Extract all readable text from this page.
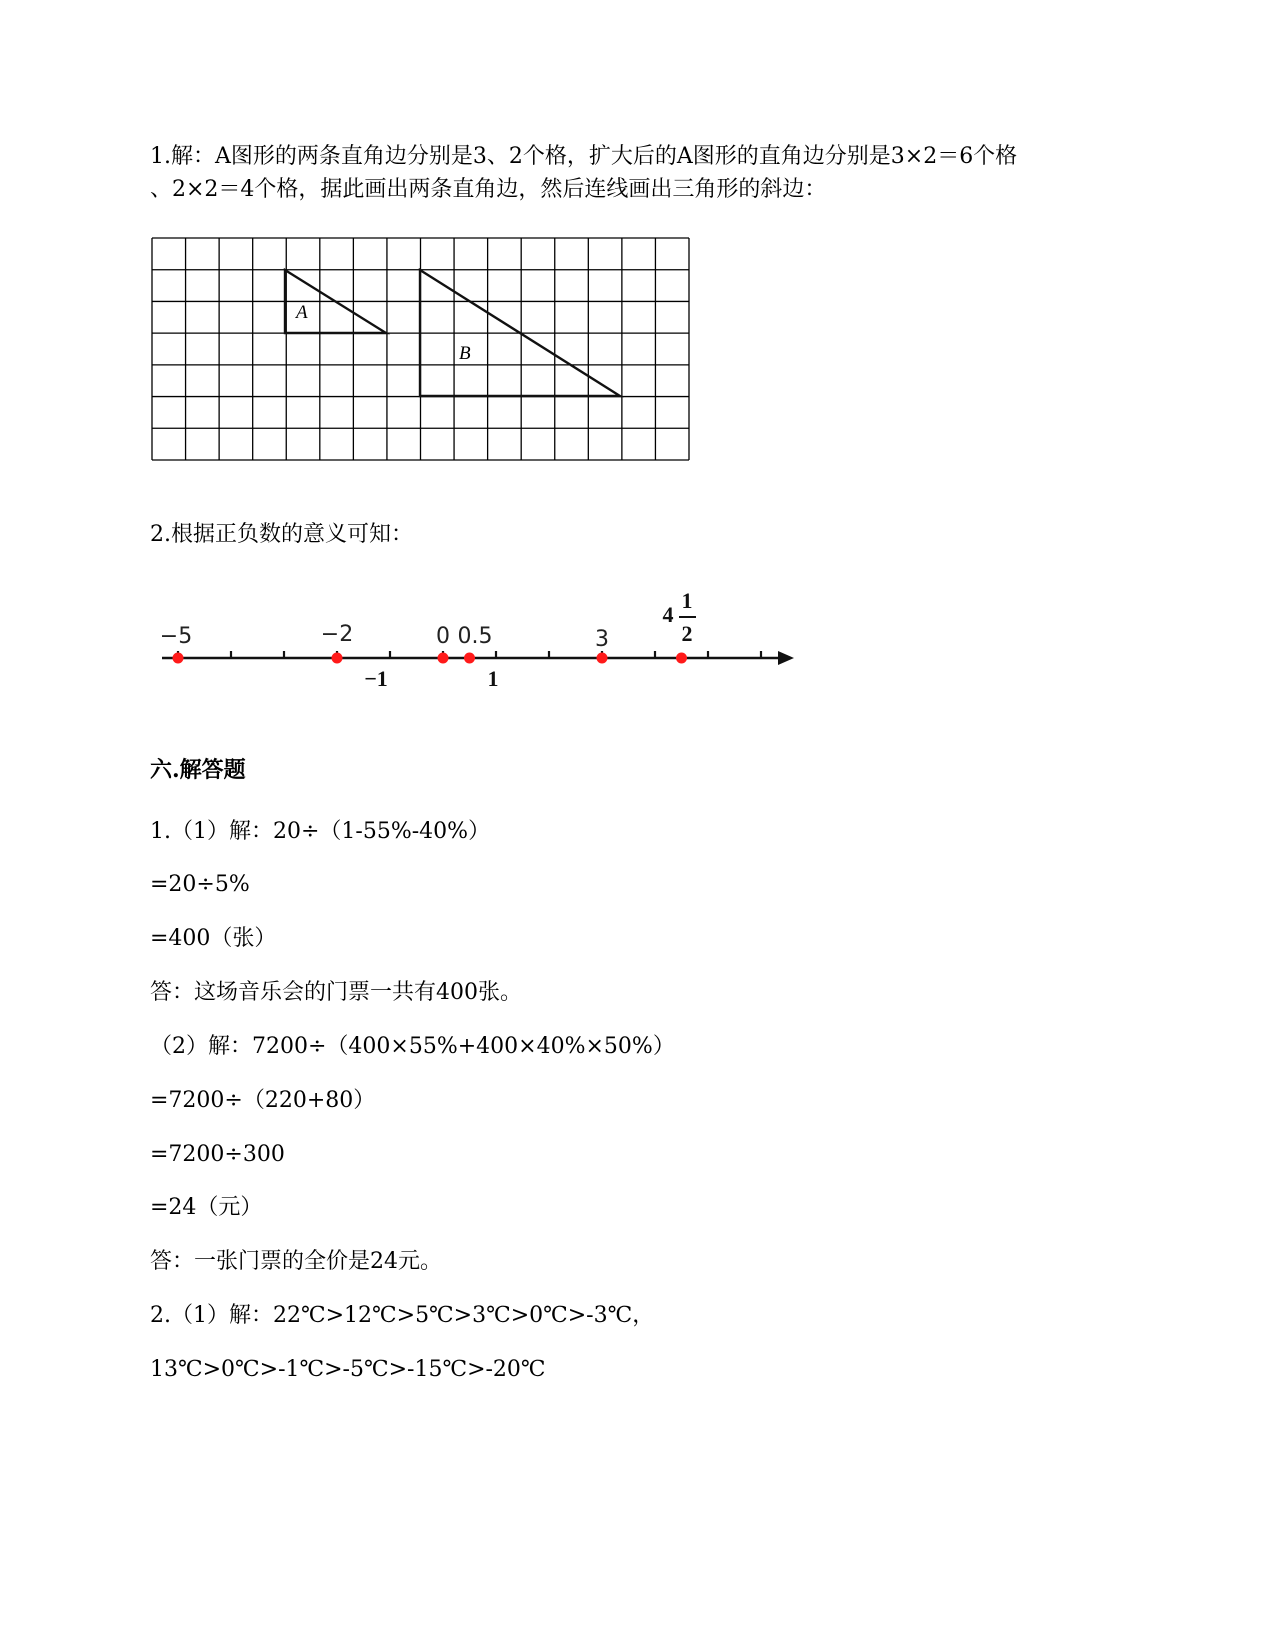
1.解：A图形的两条直角边分别是3、2个格，扩大后的A图形的直角边分别是3×2＝6个格
、2×2＝4个格，据此画出两条直角边，然后连线画出三角形的斜边：
A
B
2.根据正负数的意义可知：
−5	−2	0 0.5	3
−1	1
4
1
2
六.解答题
1.（1）解：20÷（1-55%-40%）
=20÷5%
=400（张）
答：这场音乐会的门票一共有400张。
（2）解：7200÷（400×55%+400×40%×50%）
=7200÷（220+80）
=7200÷300
=24（元）
答：一张门票的全价是24元。
2.（1）解：22℃>12℃>5℃>3℃>0℃>-3℃，
13℃>0℃>-1℃>-5℃>-15℃>-20℃
